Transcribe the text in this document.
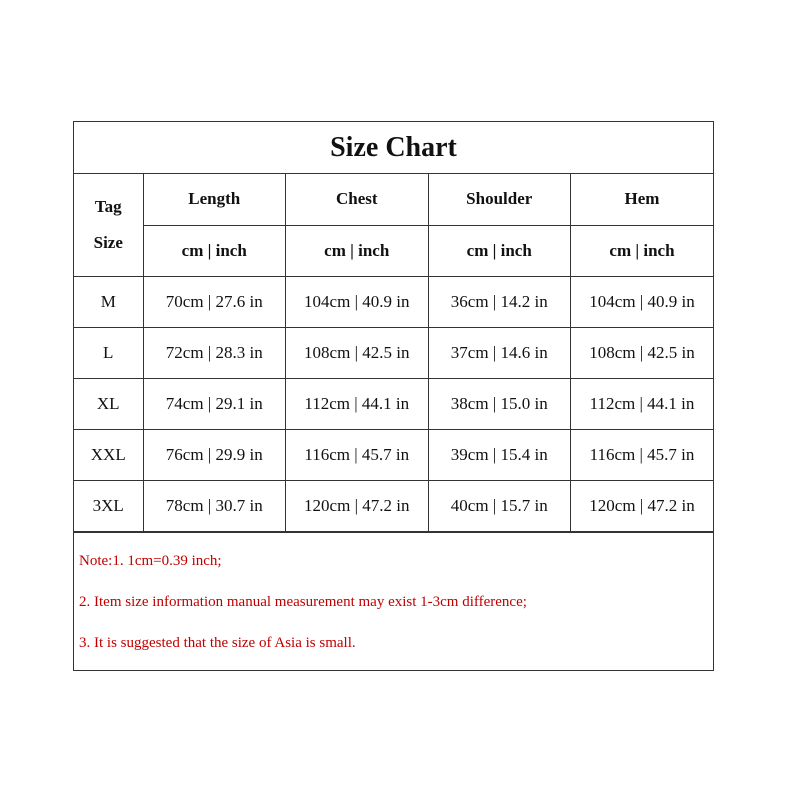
Size Chart
Tag
Size	Length	Chest	Shoulder	Hem
	cm | inch	cm | inch	cm | inch	cm | inch
M	70cm | 27.6 in	104cm | 40.9 in	36cm | 14.2 in	104cm | 40.9 in
L	72cm | 28.3 in	108cm | 42.5 in	37cm | 14.6 in	108cm | 42.5 in
XL	74cm | 29.1 in	112cm | 44.1 in	38cm | 15.0 in	112cm | 44.1 in
XXL	76cm | 29.9 in	116cm | 45.7 in	39cm | 15.4 in	116cm | 45.7 in
3XL	78cm | 30.7 in	120cm | 47.2 in	40cm | 15.7 in	120cm | 47.2 in
Note:1. 1cm=0.39 inch;
2. Item size information manual measurement may exist 1-3cm difference;
3. It is suggested that the size of Asia is small.
